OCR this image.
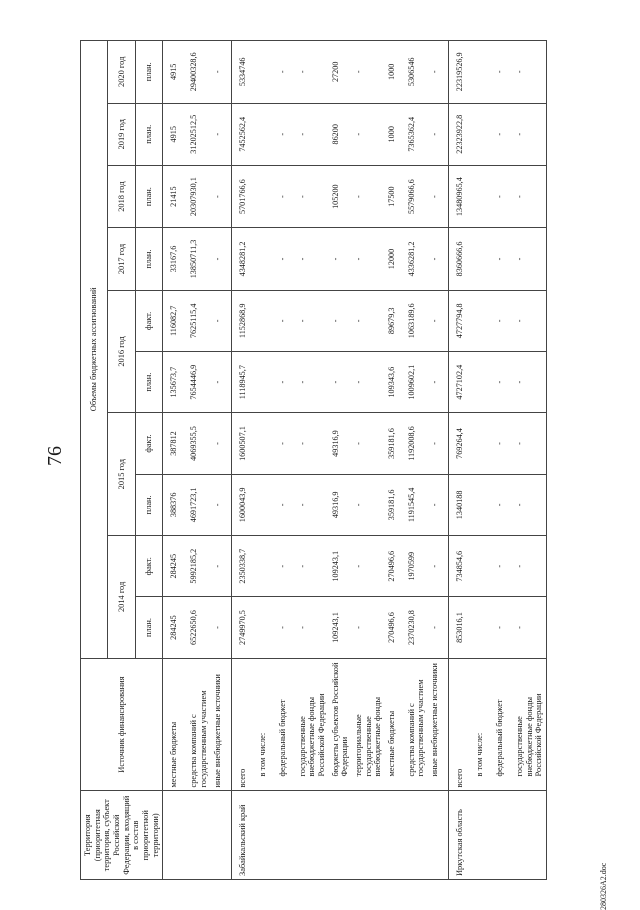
76
280326А2.doc
Территория (приоритетная территория, субъект Российской Федерации, входящий в состав приоритетной территории)	Источник финансирования	Объемы бюджетных ассигнований									
		2014 год		2015 год		2016 год		2017 год	2018 год	2019 год	2020 год
		план.	факт.	план.	факт.	план.	факт.	план.	план.	план.	план.
	местные бюджеты	284245	284245	388376	387812	135673,7	116082,7	33167,6	21415	4915	4915
	средства компаний с государственным участием	6522650,6	5992185,2	4691723,1	4069355,5	7654446,9	7625115,4	13850711,3	20307930,1	31202512,5	29400328,6
	иные внебюджетные источники	-	-	-	-	-	-	-	-	-	-
Забайкальский край	всего	2749970,5	2350338,7	1600043,9	1600507,1	1118945,7	1152868,9	4348281,2	5701766,6	7452562,4	5334746
	в том числе:										
	федеральный бюджет	-	-	-	-	-	-	-	-	-	-
	государственные внебюджетные фонды Российской Федерации	-	-	-	-	-	-	-	-	-	-
	бюджеты субъектов Российской Федерации	109243,1	109243,1	49316,9	49316,9	-	-	-	105200	86200	27200
	территориальные государственные внебюджетные фонды	-	-	-	-	-	-	-	-	-	-
	местные бюджеты	270496,6	270496,6	359181,6	359181,6	109343,6	89679,3	12000	17500	1000	1000
	средства компаний с государственным участием	2370230,8	1970599	1191545,4	1192008,6	1009602,1	1063189,6	4336281,2	5579066,6	7365362,4	5306546
	иные внебюджетные источники	-	-	-	-	-	-	-	-	-	-
Иркутская область	всего	853016,1	734854,6	1340188	769264,4	4727102,4	4727794,8	8360666,6	13480965,4	22323922,8	22319526,9
	в том числе:										
	федеральный бюджет	-	-	-	-	-	-	-	-	-	-
	государственные внебюджетные фонды Российской Федерации	-	-	-	-	-	-	-	-	-	-
